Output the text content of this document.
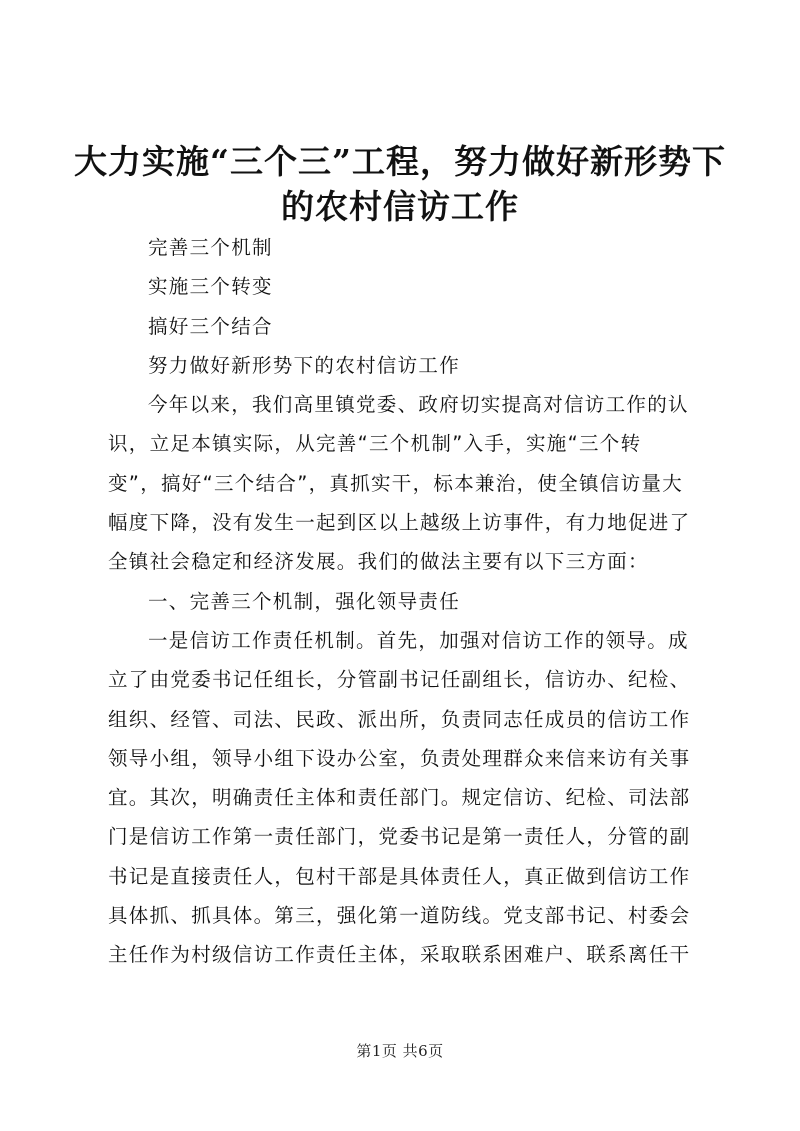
大力实施“三个三”工程，努力做好新形势下
的农村信访工作
完善三个机制
实施三个转变
搞好三个结合
努力做好新形势下的农村信访工作
今年以来，我们高里镇党委、政府切实提高对信访工作的认
识，立足本镇实际，从完善“三个机制”入手，实施“三个转
变”，搞好“三个结合”，真抓实干，标本兼治，使全镇信访量大
幅度下降，没有发生一起到区以上越级上访事件，有力地促进了
全镇社会稳定和经济发展。我们的做法主要有以下三方面：
一、完善三个机制，强化领导责任
一是信访工作责任机制。首先，加强对信访工作的领导。成
立了由党委书记任组长，分管副书记任副组长，信访办、纪检、
组织、经管、司法、民政、派出所，负责同志任成员的信访工作
领导小组，领导小组下设办公室，负责处理群众来信来访有关事
宜。其次，明确责任主体和责任部门。规定信访、纪检、司法部
门是信访工作第一责任部门，党委书记是第一责任人，分管的副
书记是直接责任人，包村干部是具体责任人，真正做到信访工作
具体抓、抓具体。第三，强化第一道防线。党支部书记、村委会
主任作为村级信访工作责任主体，采取联系困难户、联系离任干
第1页 共6页
